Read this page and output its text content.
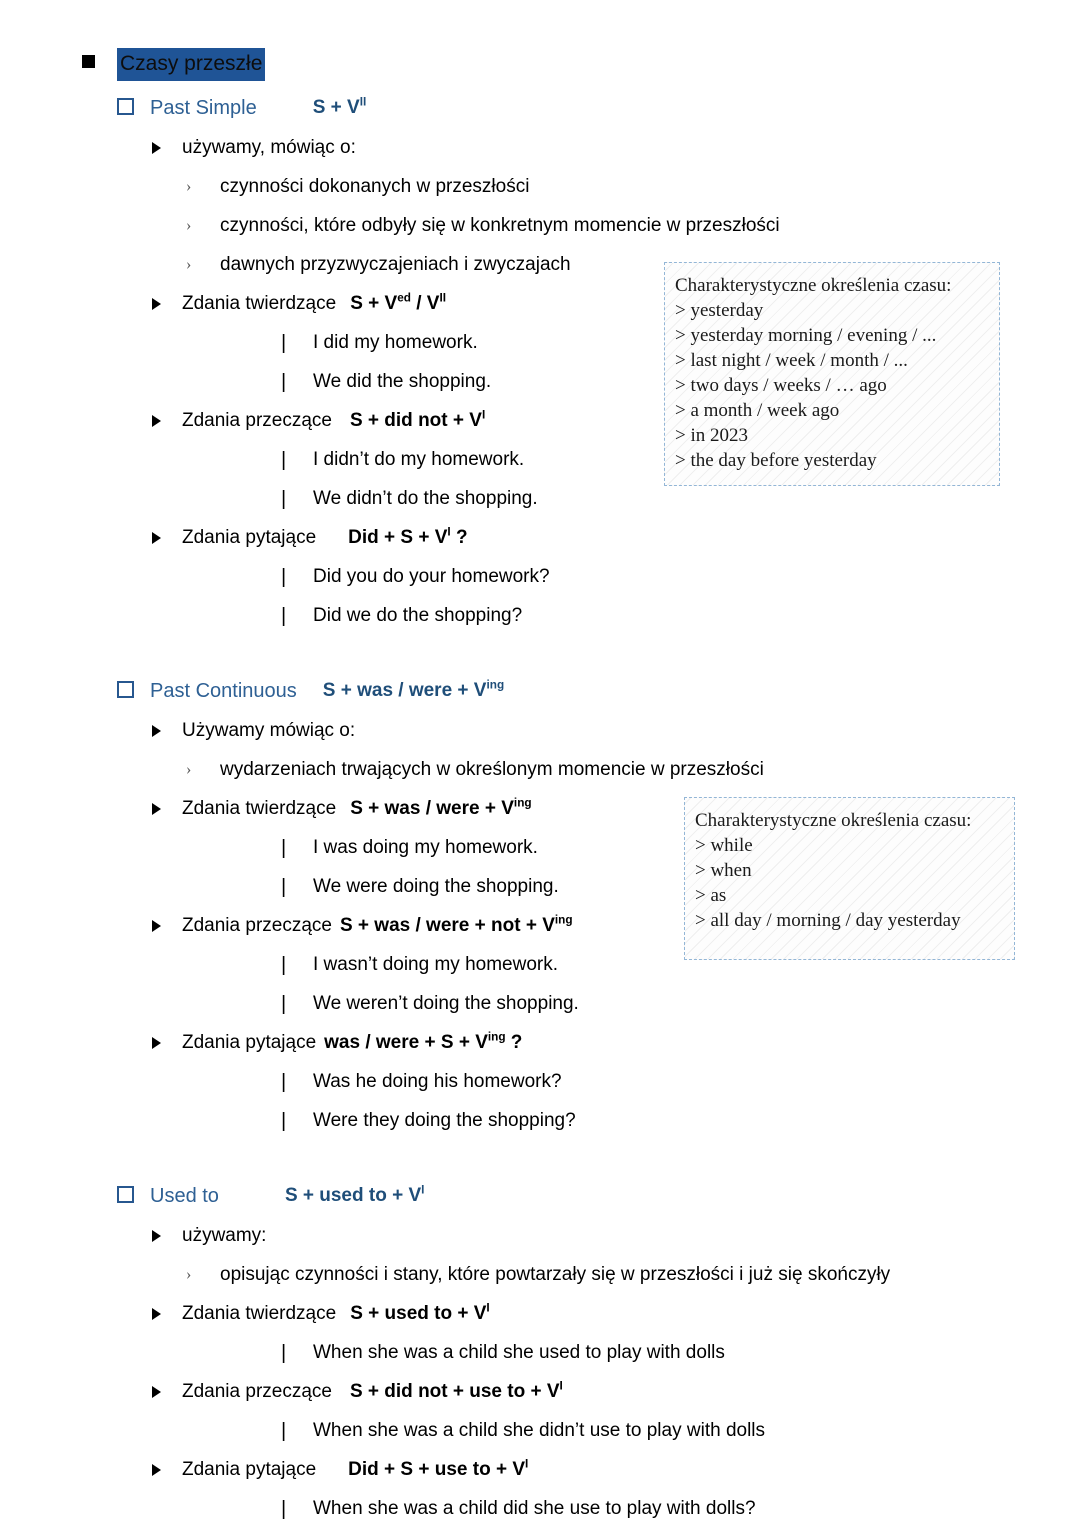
Czasy przeszłe
Past Simple	$S + V^{II}$
używamy, mówiąc o:
›	czynności dokonanych w przeszłości
›	czynności, które odbyły się w konkretnym momencie w przeszłości
›	dawnych przyzwyczajeniach i zwyczajach
Zdania twierdzące $S + V^{ed} / V^{II}$
|	I did my homework.
|	We did the shopping.
Zdania przeczące S + did not + $V^I$
|	I didn’t do my homework.
|	We didn’t do the shopping.
Zdania pytające Did + $S + V^I$ ?
|	Did you do your homework?
|	Did we do the shopping?
Past Continuous S + was / were + $V^{ing}$
Używamy mówiąc o:
›	wydarzeniach trwających w określonym momencie w przeszłości
Zdania twierdzące S + was / were + $V^{ing}$
|	I was doing my homework.
|	We were doing the shopping.
Zdania przeczące S + was / were + not + $V^{ing}$
|	I wasn’t doing my homework.
|	We weren’t doing the shopping.
Zdania pytające was / were + $S + V^{ing}$ ?
|	Was he doing his homework?
|	Were they doing the shopping?
Used to	S + used to + $V^I$
używamy:
›	opisując czynności i stany, które powtarzały się w przeszłości i już się skończyły
Zdania twierdzące S + used to + $V^I$
|	When she was a child she used to play with dolls
Zdania przeczące S + did not + use to + $V^I$
|	When she was a child she didn’t use to play with dolls
Zdania pytające Did + S + use to + $V^I$
|	When she was a child did she use to play with dolls?
Charakterystyczne określenia czasu:
> yesterday
> yesterday morning / evening / ...
> last night / week / month / ...
> two days / weeks / … ago
> a month / week ago
> in 2023
> the day before yesterday
Charakterystyczne określenia czasu:
> while
> when
> as
> all day / morning / day yesterday
